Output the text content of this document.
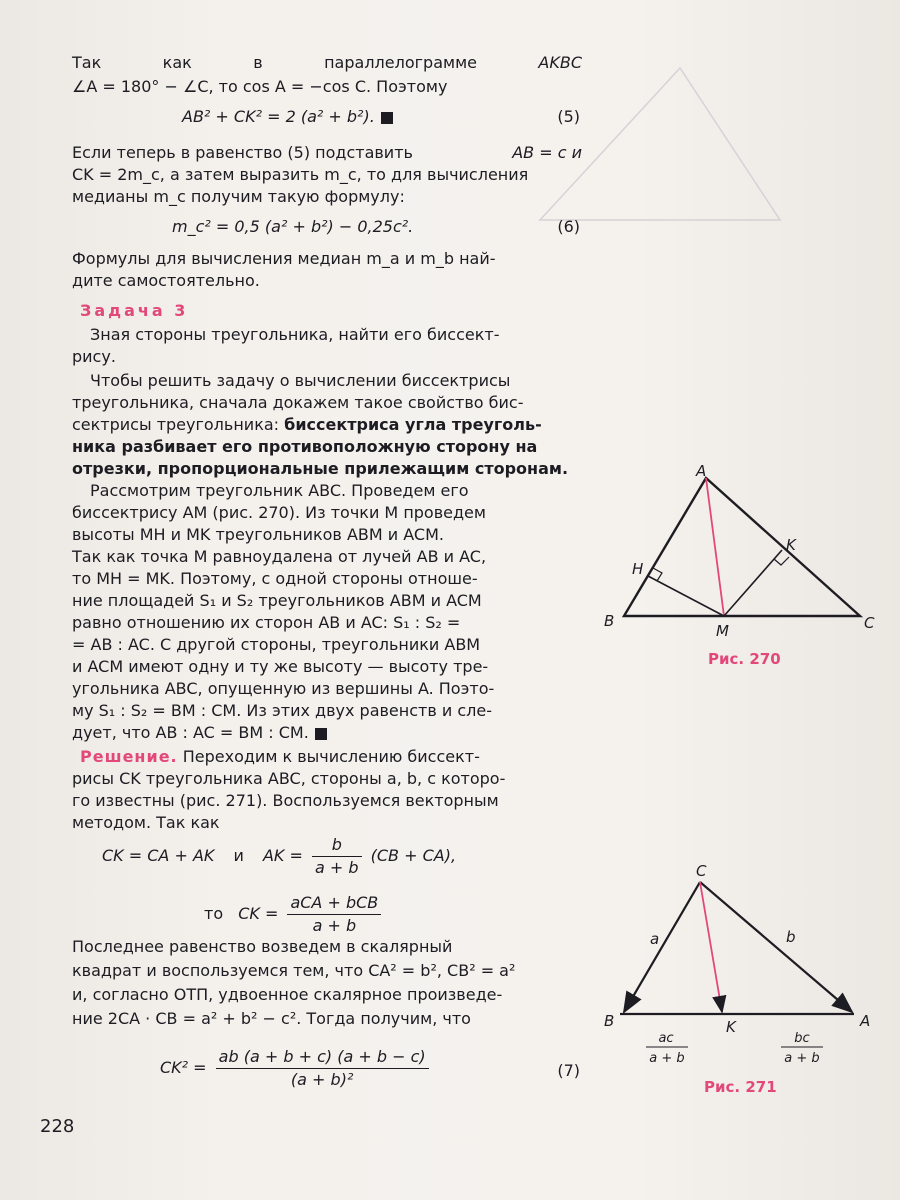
Так	как	в	параллелограмме	AKBC
∠A = 180° − ∠C, то cos A = −cos C. Поэтому
AB² + CK² = 2 (a² + b²).	(5)
Если теперь в равенство (5) подставить	AB = c и
CK = 2m_c, а затем выразить m_c, то для вычисления
медианы m_c получим такую формулу:
m_c² = 0,5 (a² + b²) − 0,25c².	(6)
Формулы для вычисления медиан m_a и m_b най-
дите самостоятельно.
Задача 3
Зная стороны треугольника, найти его биссект-
рису.
Чтобы решить задачу о вычислении биссектрисы
треугольника, сначала докажем такое свойство бис-
сектрисы треугольника: биссектриса угла треуголь-
ника разбивает его противоположную сторону на
отрезки, пропорциональные прилежащим сторонам.
Рассмотрим треугольник ABC. Проведем его
биссектрису AM (рис. 270). Из точки M проведем
высоты MH и MK треугольников ABM и ACM.
Так как точка M равноудалена от лучей AB и AC,
то MH = MK. Поэтому, с одной стороны отноше-
ние площадей S₁ и S₂ треугольников ABM и ACM
равно отношению их сторон AB и AC: S₁ : S₂ =
= AB : AC. С другой стороны, треугольники ABM
и ACM имеют одну и ту же высоту — высоту тре-
угольника ABC, опущенную из вершины A. Поэто-
му S₁ : S₂ = BM : CM. Из этих двух равенств и сле-
дует, что AB : AC = BM : CM.
Решение. Переходим к вычислению биссект-
рисы CK треугольника ABC, стороны a, b, c которо-
го известны (рис. 271). Воспользуемся векторным
методом. Так как
CK = CA + AK и AK = $\frac{b}{a + b} (CB + CA)$,
то CK = $\frac{\text{aCA + bCB}}{a + b}$
Последнее равенство возведем в скалярный
квадрат и воспользуемся тем, что CA² = b², CB² = a²
и, согласно ОТП, удвоенное скалярное произведе-
ние 2CA · CB = a² + b² − c². Тогда получим, что
$CK^2 = \frac{ab (a + b + c) (a + b - c)}{\text{(a + b)²}}$	(7)
A
B	C
H
K
M
Рис. 270
C
B	A
K
a	b
ac
a + b
bc
a + b
Рис. 271
228
